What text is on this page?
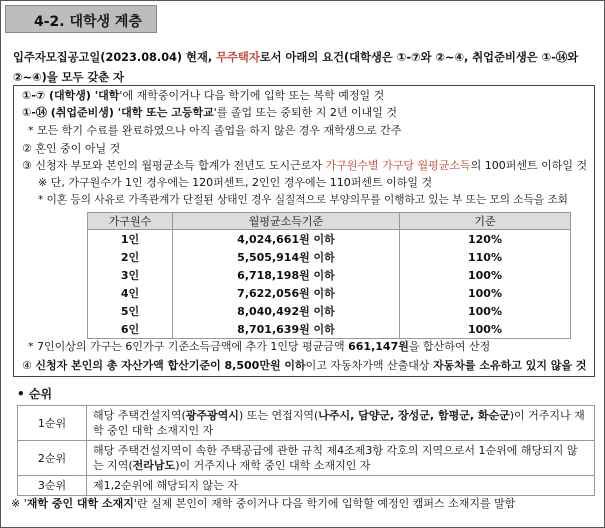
4-2. 대학생 계층
입주자모집공고일(2023.08.04) 현재, 무주택자로서 아래의 요건(대학생은 ①-⑦와 ②~④, 취업준비생은 ①-⑭와 ②~④)을 모두 갖춘 자
①-⑦ (대학생) '대학'에 재학중이거나 다음 학기에 입학 또는 복학 예정일 것
①-⑭ (취업준비생) '대학 또는 고등학교'를 졸업 또는 중퇴한 지 2년 이내일 것
* 모든 학기 수료를 완료하였으나 아직 졸업을 하지 않은 경우 재학생으로 간주
② 혼인 중이 아닐 것
③ 신청자 부모와 본인의 월평균소득 합계가 전년도 도시근로자 가구원수별 가구당 월평균소득의 100퍼센트 이하일 것
※ 단, 가구원수가 1인 경우에는 120퍼센트, 2인인 경우에는 110퍼센트 이하일 것
* 이혼 등의 사유로 가족관계가 단절된 상태인 경우 실질적으로 부양의무를 이행하고 있는 부 또는 모의 소득을 조회
* 7인이상의 가구는 6인가구 기준소득금액에 추가 1인당 평균금액 661,147원을 합산하여 산정
④ 신청자 본인의 총 자산가액 합산기준이 8,500만원 이하이고 자동차가액 산출대상 자동차를 소유하고 있지 않을 것
가구원수	월평균소득기준	기준
1인	4,024,661원 이하	120%
2인	5,505,914원 이하	110%
3인	6,718,198원 이하	100%
4인	7,622,056원 이하	100%
5인	8,040,492원 이하	100%
6인	8,701,639원 이하	100%
• 순위
1순위	해당 주택건설지역(광주광역시) 또는 연접지역(나주시, 담양군, 장성군, 함평군, 화순군)이 거주지나 재학 중인 대학 소재지인 자
2순위	해당 주택건설지역이 속한 주택공급에 관한 규칙 제4조제3항 각호의 지역으로서 1순위에 해당되지 않는 지역(전라남도)이 거주지나 재학 중인 대학 소재지인 자
3순위	제1,2순위에 해당되지 않는 자
※ '재학 중인 대학 소재지'란 실제 본인이 재학 중이거나 다음 학기에 입학할 예정인 캠퍼스 소재지를 말함
